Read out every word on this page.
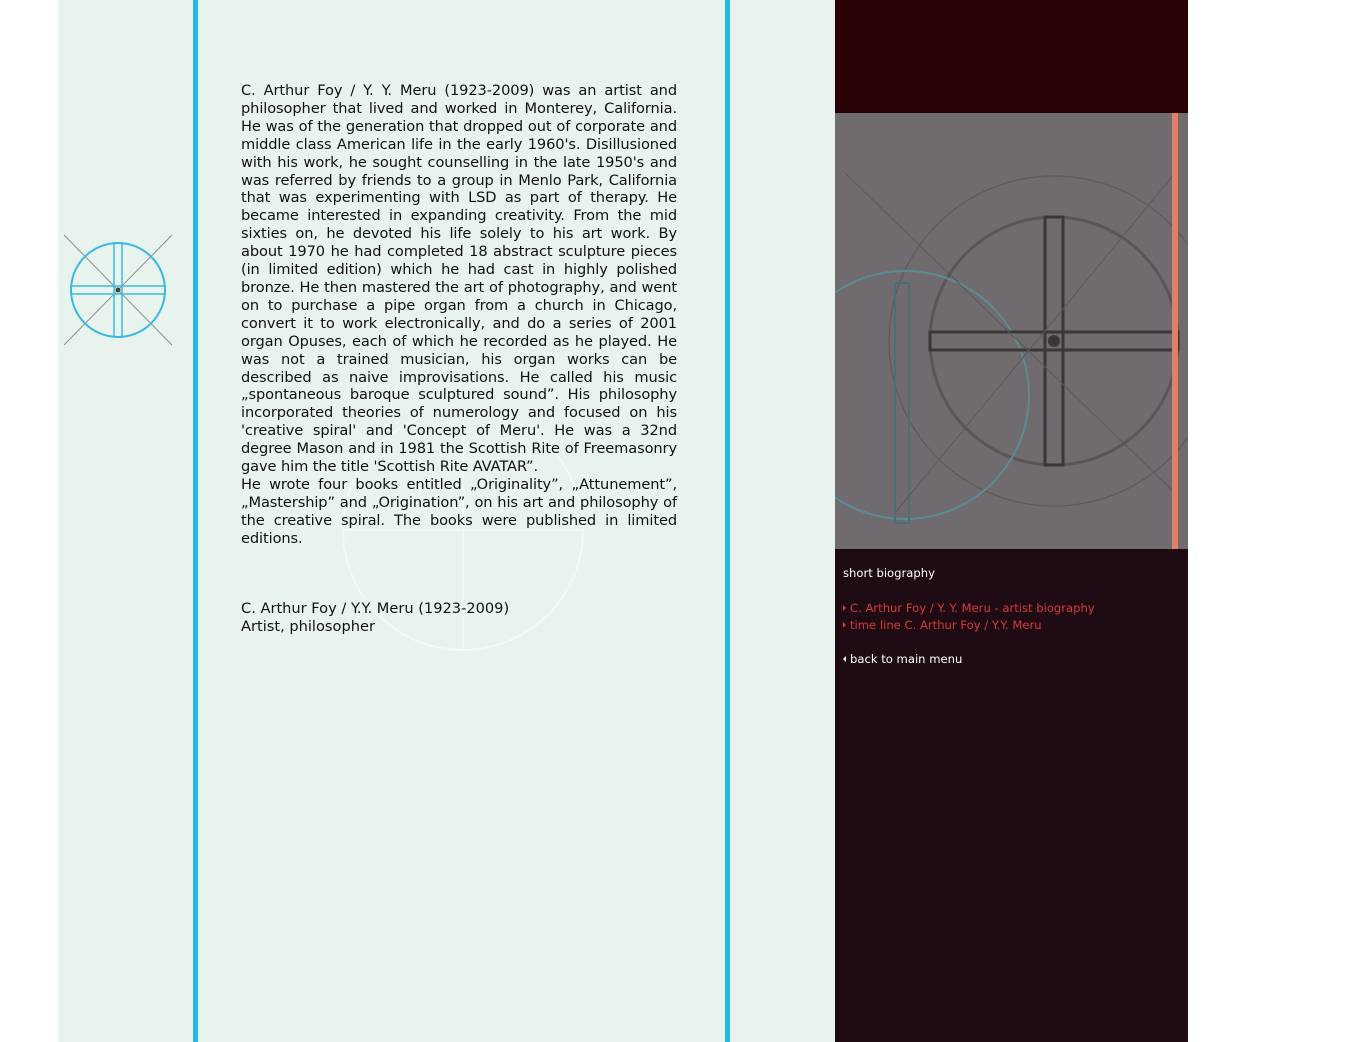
C. Arthur Foy / Y. Y. Meru (1923-2009) was an artist and philosopher that lived and worked in Monterey, California. He was of the generation that dropped out of corporate and middle class American life in the early 1960's. Disillusioned with his work, he sought counselling in the late 1950's and was referred by friends to a group in Menlo Park, California that was experimenting with LSD as part of therapy. He became interested in expanding creativity. From the mid sixties on, he devoted his life solely to his art work. By about 1970 he had completed 18 abstract sculpture pieces (in limited edition) which he had cast in highly polished bronze. He then mastered the art of photography, and went on to purchase a pipe organ from a church in Chicago, convert it to work electronically, and do a series of 2001 organ Opuses, each of which he recorded as he played. He was not a trained musician, his organ works can be described as naive improvisations. He called his music „spontaneous baroque sculptured sound”. His philosophy incorporated theories of numerology and focused on his 'creative spiral' and 'Concept of Meru'. He was a 32nd degree Mason and in 1981 the Scottish Rite of Freemasonry gave him the title 'Scottish Rite AVATAR”.

He wrote four books entitled „Originality”, „Attunement”, „Mastership” and „Origination”, on his art and philosophy of the creative spiral. The books were published in limited editions.

C. Arthur Foy / Y.Y. Meru (1923-2009)
Artist, philosopher
short biography
C. Arthur Foy / Y. Y. Meru - artist biography
time line C. Arthur Foy / Y.Y. Meru
back to main menu
